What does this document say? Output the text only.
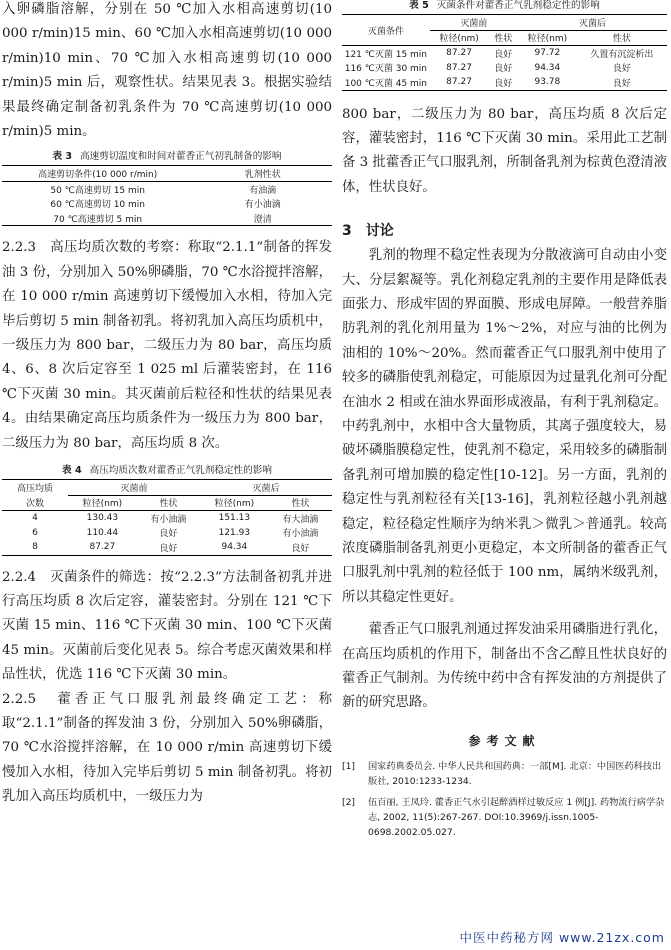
入卵磷脂溶解，分别在 50 ℃加入水相高速剪切(10 000 r/min)15 min、60 ℃加入水相高速剪切(10 000 r/min)10 min、70 ℃加入水相高速剪切(10 000 r/min)5 min 后，观察性状。结果见表 3。根据实验结果最终确定制备初乳条件为 70 ℃高速剪切(10 000 r/min)5 min。

表 3 高速剪切温度和时间对藿香正气初乳制备的影响

高速剪切条件(10 000 r/min)	乳剂性状
50 ℃高速剪切 15 min	有油滴
60 ℃高速剪切 10 min	有小油滴
70 ℃高速剪切 5 min	澄清

2.2.3　高压均质次数的考察：称取“2.1.1”制备的挥发油 3 份，分别加入 50%卵磷脂，70 ℃水浴搅拌溶解，在 10 000 r/min 高速剪切下缓慢加入水相，待加入完毕后剪切 5 min 制备初乳。将初乳加入高压均质机中，一级压力为 800 bar，二级压力为 80 bar，高压均质 4、6、8 次后定容至 1 025 ml 后灌装密封，在 116 ℃下灭菌 30 min。其灭菌前后粒径和性状的结果见表 4。由结果确定高压均质条件为一级压力为 800 bar，二级压力为 80 bar，高压均质 8 次。

表 4 高压均质次数对藿香正气乳剂稳定性的影响

高压均质	灭菌前		灭菌后	
次数	粒径(nm)	性状	粒径(nm)	性状
4	130.43	有小油滴	151.13	有大油滴
6	110.44	良好	121.93	有小油滴
8	87.27	良好	94.34	良好

2.2.4　灭菌条件的筛选：按“2.2.3”方法制备初乳并进行高压均质 8 次后定容，灌装密封。分别在 121 ℃下灭菌 15 min、116 ℃下灭菌 30 min、100 ℃下灭菌 45 min。灭菌前后变化见表 5。综合考虑灭菌效果和样品性状，优选 116 ℃下灭菌 30 min。

2.2.5　藿香正气口服乳剂最终确定工艺：称取“2.1.1”制备的挥发油 3 份，分别加入 50%卵磷脂，70 ℃水浴搅拌溶解，在 10 000 r/min 高速剪切下缓慢加入水相，待加入完毕后剪切 5 min 制备初乳。将初乳加入高压均质机中，一级压力为

表 5 灭菌条件对藿香正气乳剂稳定性的影响

灭菌条件	灭菌前		灭菌后	
	粒径(nm)	性状	粒径(nm)	性状
121 ℃灭菌 15 min	87.27	良好	97.72	久置有沉淀析出
116 ℃灭菌 30 min	87.27	良好	94.34	良好
100 ℃灭菌 45 min	87.27	良好	93.78	良好

800 bar，二级压力为 80 bar，高压均质 8 次后定容，灌装密封，116 ℃下灭菌 30 min。采用此工艺制备 3 批藿香正气口服乳剂，所制备乳剂为棕黄色澄清液体，性状良好。

3　讨论

乳剂的物理不稳定性表现为分散液滴可自动由小变大、分层絮凝等。乳化剂稳定乳剂的主要作用是降低表面张力、形成牢固的界面膜、形成电屏障。一般营养脂肪乳剂的乳化剂用量为 1%～2%，对应与油的比例为油相的 10%～20%。然而藿香正气口服乳剂中使用了较多的磷脂使乳剂稳定，可能原因为过量乳化剂可分配在油水 2 相或在油水界面形成液晶，有利于乳剂稳定。中药乳剂中，水相中含大量物质，其离子强度较大，易破坏磷脂膜稳定性，使乳剂不稳定，采用较多的磷脂制备乳剂可增加膜的稳定性[10-12]。另一方面，乳剂的稳定性与乳剂粒径有关[13-16]，乳剂粒径越小乳剂越稳定，粒径稳定性顺序为纳米乳＞微乳＞普通乳。较高浓度磷脂制备乳剂更小更稳定，本文所制备的藿香正气口服乳剂中乳剂的粒径低于 100 nm，属纳米级乳剂，所以其稳定性更好。

藿香正气口服乳剂通过挥发油采用磷脂进行乳化，在高压均质机的作用下，制备出不含乙醇且性状良好的藿香正气制剂。为传统中药中含有挥发油的方剂提供了新的研究思路。

参考文献

[1]	国家药典委员会. 中华人民共和国药典：一部[M]. 北京：中国医药科技出版社, 2010:1233-1234.
[2]	伍百丽, 王凤玲. 藿香正气水引起醉酒样过敏反应 1 例[J]. 药物流行病学杂志, 2002, 11(5):267-267. DOI:10.3969/j.issn.1005-0698.2002.05.027.
中医中药秘方网 www.21zx.com
